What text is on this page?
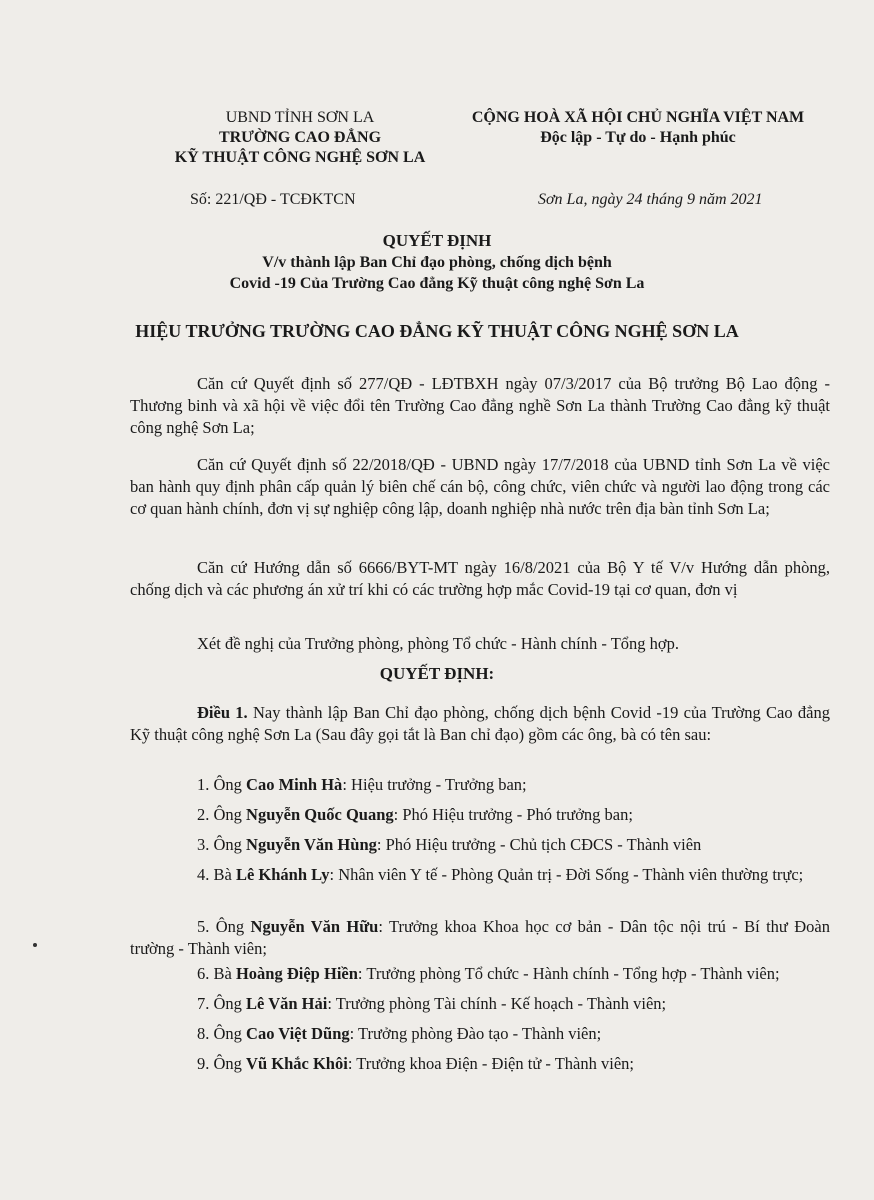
UBND TỈNH SƠN LA
TRƯỜNG CAO ĐẲNG
KỸ THUẬT CÔNG NGHỆ SƠN LA
CỘNG HOÀ XÃ HỘI CHỦ NGHĨA VIỆT NAM
Độc lập - Tự do - Hạnh phúc
Số: 221/QĐ - TCĐKTCN	Sơn La, ngày 24 tháng 9 năm 2021
QUYẾT ĐỊNH
V/v thành lập Ban Chỉ đạo phòng, chống dịch bệnh
Covid -19 Của Trường Cao đẳng Kỹ thuật công nghệ Sơn La
HIỆU TRƯỞNG TRƯỜNG CAO ĐẲNG KỸ THUẬT CÔNG NGHỆ SƠN LA
Căn cứ Quyết định số 277/QĐ - LĐTBXH ngày 07/3/2017 của Bộ trưởng Bộ Lao động - Thương binh và xã hội về việc đổi tên Trường Cao đẳng nghề Sơn La thành Trường Cao đẳng kỹ thuật công nghệ Sơn La;
Căn cứ Quyết định số 22/2018/QĐ - UBND ngày 17/7/2018 của UBND tỉnh Sơn La về việc ban hành quy định phân cấp quản lý biên chế cán bộ, công chức, viên chức và người lao động trong các cơ quan hành chính, đơn vị sự nghiệp công lập, doanh nghiệp nhà nước trên địa bàn tỉnh Sơn La;
Căn cứ Hướng dẫn số 6666/BYT-MT ngày 16/8/2021 của Bộ Y tế V/v Hướng dẫn phòng, chống dịch và các phương án xử trí khi có các trường hợp mắc Covid-19 tại cơ quan, đơn vị
Xét đề nghị của Trưởng phòng, phòng Tổ chức - Hành chính - Tổng hợp.
QUYẾT ĐỊNH:
Điều 1. Nay thành lập Ban Chỉ đạo phòng, chống dịch bệnh Covid -19 của Trường Cao đẳng Kỹ thuật công nghệ Sơn La (Sau đây gọi tắt là Ban chỉ đạo) gồm các ông, bà có tên sau:
1. Ông Cao Minh Hà: Hiệu trưởng - Trưởng ban;
2. Ông Nguyễn Quốc Quang: Phó Hiệu trưởng - Phó trưởng ban;
3. Ông Nguyễn Văn Hùng: Phó Hiệu trưởng - Chủ tịch CĐCS - Thành viên
4. Bà Lê Khánh Ly: Nhân viên Y tế - Phòng Quản trị - Đời Sống - Thành viên thường trực;
5. Ông Nguyễn Văn Hữu: Trưởng khoa Khoa học cơ bản - Dân tộc nội trú - Bí thư Đoàn trường - Thành viên;
6. Bà Hoàng Điệp Hiền: Trưởng phòng Tổ chức - Hành chính - Tổng hợp - Thành viên;
7. Ông Lê Văn Hải: Trưởng phòng Tài chính - Kế hoạch - Thành viên;
8. Ông Cao Việt Dũng: Trưởng phòng Đào tạo - Thành viên;
9. Ông Vũ Khắc Khôi: Trưởng khoa Điện - Điện tử - Thành viên;
